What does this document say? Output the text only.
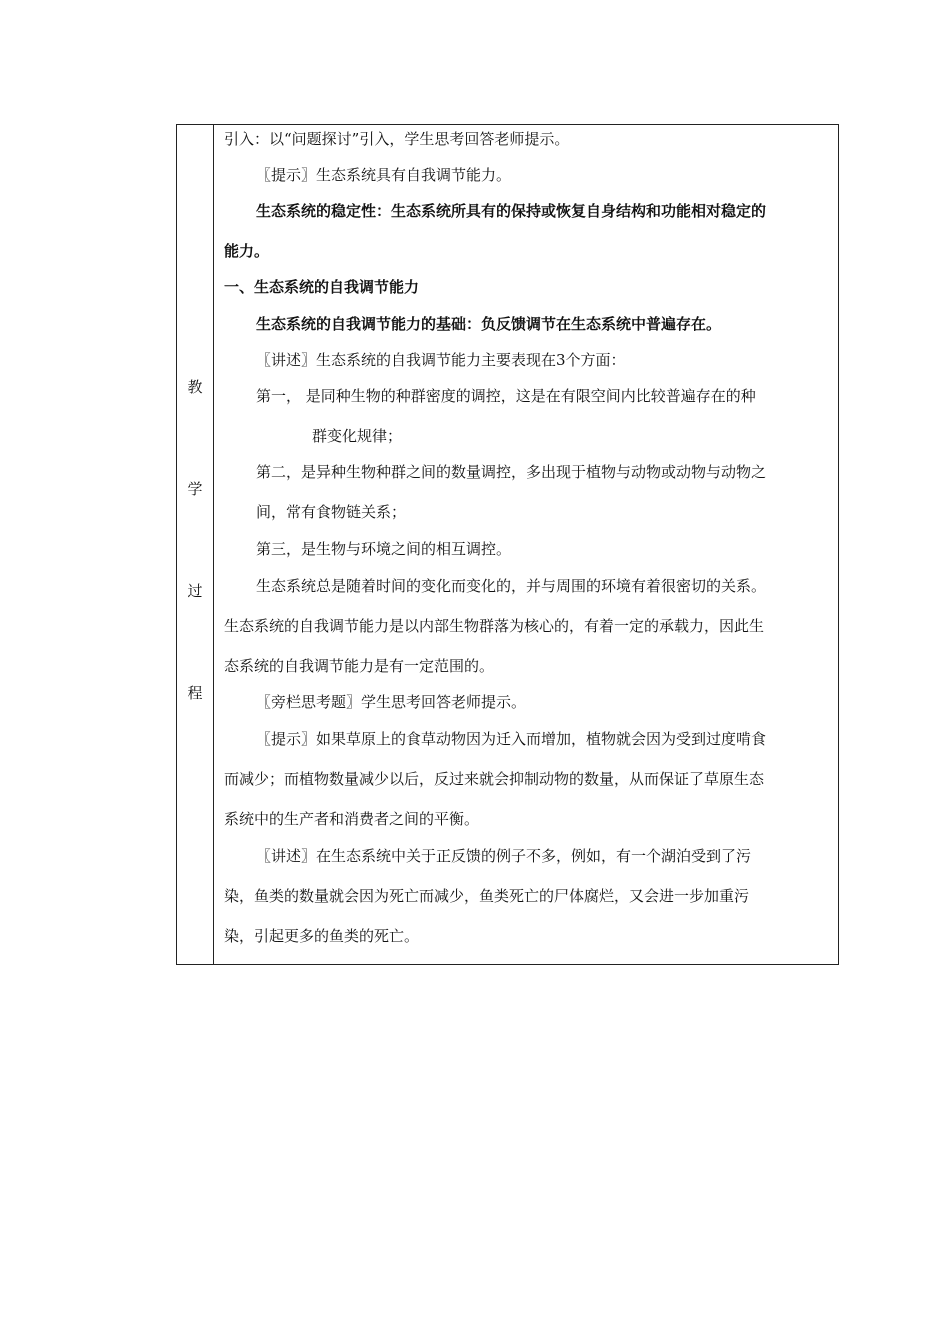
教
学
过
程
引入：以“问题探讨”引入，学生思考回答老师提示。
〖提示〗生态系统具有自我调节能力。
生态系统的稳定性：生态系统所具有的保持或恢复自身结构和功能相对稳定的
能力。
一、生态系统的自我调节能力
生态系统的自我调节能力的基础：负反馈调节在生态系统中普遍存在。
〖讲述〗生态系统的自我调节能力主要表现在3个方面：
第一， 是同种生物的种群密度的调控，这是在有限空间内比较普遍存在的种
群变化规律；
第二，是异种生物种群之间的数量调控，多出现于植物与动物或动物与动物之
间，常有食物链关系；
第三，是生物与环境之间的相互调控。
生态系统总是随着时间的变化而变化的，并与周围的环境有着很密切的关系。
生态系统的自我调节能力是以内部生物群落为核心的，有着一定的承载力，因此生
态系统的自我调节能力是有一定范围的。
〖旁栏思考题〗学生思考回答老师提示。
〖提示〗如果草原上的食草动物因为迁入而增加，植物就会因为受到过度啃食
而减少；而植物数量减少以后，反过来就会抑制动物的数量，从而保证了草原生态
系统中的生产者和消费者之间的平衡。
〖讲述〗在生态系统中关于正反馈的例子不多，例如，有一个湖泊受到了污
染，鱼类的数量就会因为死亡而减少，鱼类死亡的尸体腐烂，又会进一步加重污
染，引起更多的鱼类的死亡。
